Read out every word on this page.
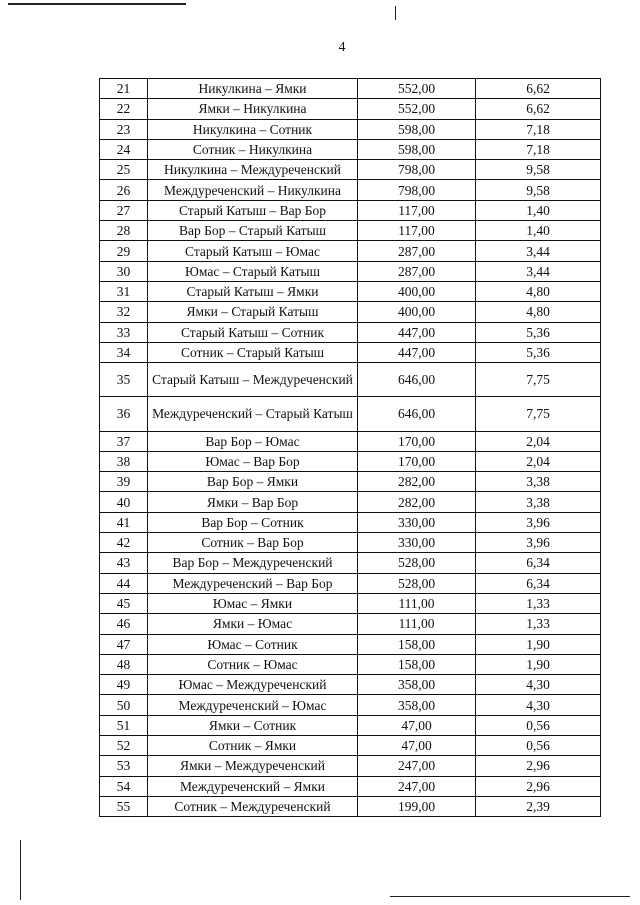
4
21	Никулкина – Ямки	552,00	6,62
22	Ямки – Никулкина	552,00	6,62
23	Никулкина – Сотник	598,00	7,18
24	Сотник – Никулкина	598,00	7,18
25	Никулкина – Междуреченский	798,00	9,58
26	Междуреченский – Никулкина	798,00	9,58
27	Старый Катыш – Вар Бор	117,00	1,40
28	Вар Бор – Старый Катыш	117,00	1,40
29	Старый Катыш – Юмас	287,00	3,44
30	Юмас – Старый Катыш	287,00	3,44
31	Старый Катыш – Ямки	400,00	4,80
32	Ямки – Старый Катыш	400,00	4,80
33	Старый Катыш – Сотник	447,00	5,36
34	Сотник – Старый Катыш	447,00	5,36
35	Старый Катыш – Междуреченский	646,00	7,75
36	Междуреченский – Старый Катыш	646,00	7,75
37	Вар Бор – Юмас	170,00	2,04
38	Юмас – Вар Бор	170,00	2,04
39	Вар Бор – Ямки	282,00	3,38
40	Ямки – Вар Бор	282,00	3,38
41	Вар Бор – Сотник	330,00	3,96
42	Сотник – Вар Бор	330,00	3,96
43	Вар Бор – Междуреченский	528,00	6,34
44	Междуреченский – Вар Бор	528,00	6,34
45	Юмас – Ямки	111,00	1,33
46	Ямки – Юмас	111,00	1,33
47	Юмас – Сотник	158,00	1,90
48	Сотник – Юмас	158,00	1,90
49	Юмас – Междуреченский	358,00	4,30
50	Междуреченский – Юмас	358,00	4,30
51	Ямки – Сотник	47,00	0,56
52	Сотник – Ямки	47,00	0,56
53	Ямки – Междуреченский	247,00	2,96
54	Междуреченский – Ямки	247,00	2,96
55	Сотник – Междуреченский	199,00	2,39
